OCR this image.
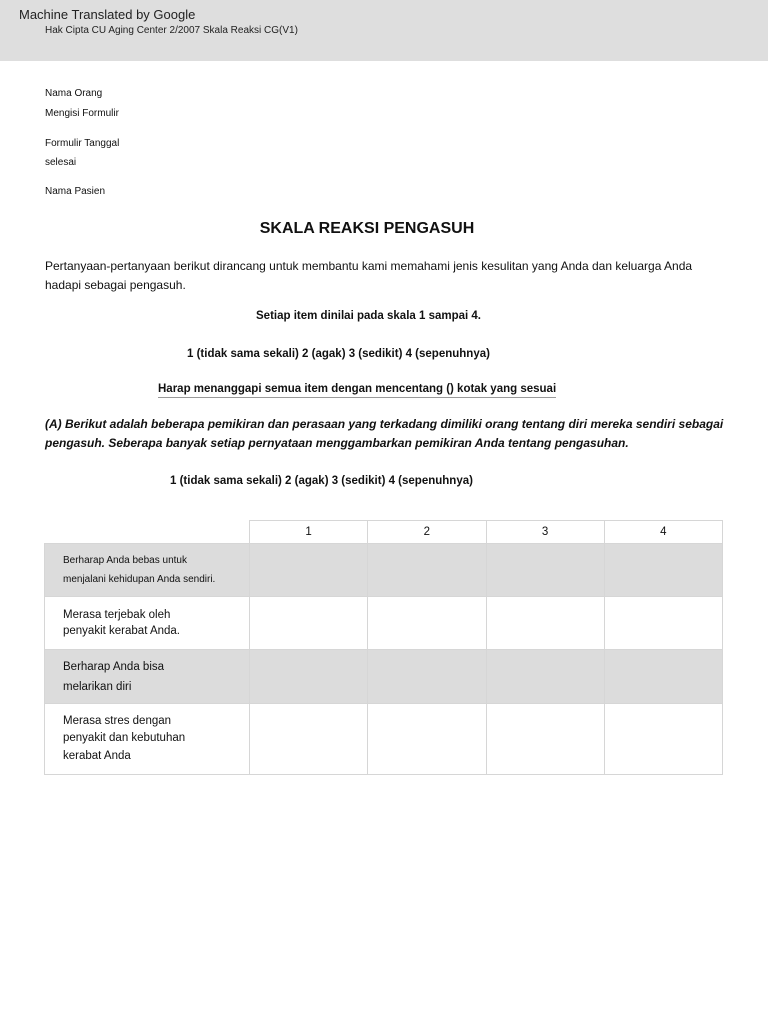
Machine Translated by Google
Hak Cipta CU Aging Center 2/2007 Skala Reaksi CG(V1)
Nama Orang
Mengisi Formulir
Formulir Tanggal
selesai
Nama Pasien
SKALA REAKSI PENGASUH
Pertanyaan-pertanyaan berikut dirancang untuk membantu kami memahami jenis kesulitan yang Anda dan keluarga Anda hadapi sebagai pengasuh.
Setiap item dinilai pada skala 1 sampai 4.
1 (tidak sama sekali) 2 (agak) 3 (sedikit) 4 (sepenuhnya)
Harap menanggapi semua item dengan mencentang () kotak yang sesuai
(A) Berikut adalah beberapa pemikiran dan perasaan yang terkadang dimiliki orang tentang diri mereka sendiri sebagai pengasuh. Seberapa banyak setiap pernyataan menggambarkan pemikiran Anda tentang pengasuhan.
1 (tidak sama sekali) 2 (agak) 3 (sedikit) 4 (sepenuhnya)
	1	2	3	4

Berharap Anda bebas untuk
menjalani kehidupan Anda sendiri.				

Merasa terjebak oleh
penyakit kerabat Anda.				

Berharap Anda bisa
melarikan diri				

Merasa stres dengan
penyakit dan kebutuhan
kerabat Anda				
